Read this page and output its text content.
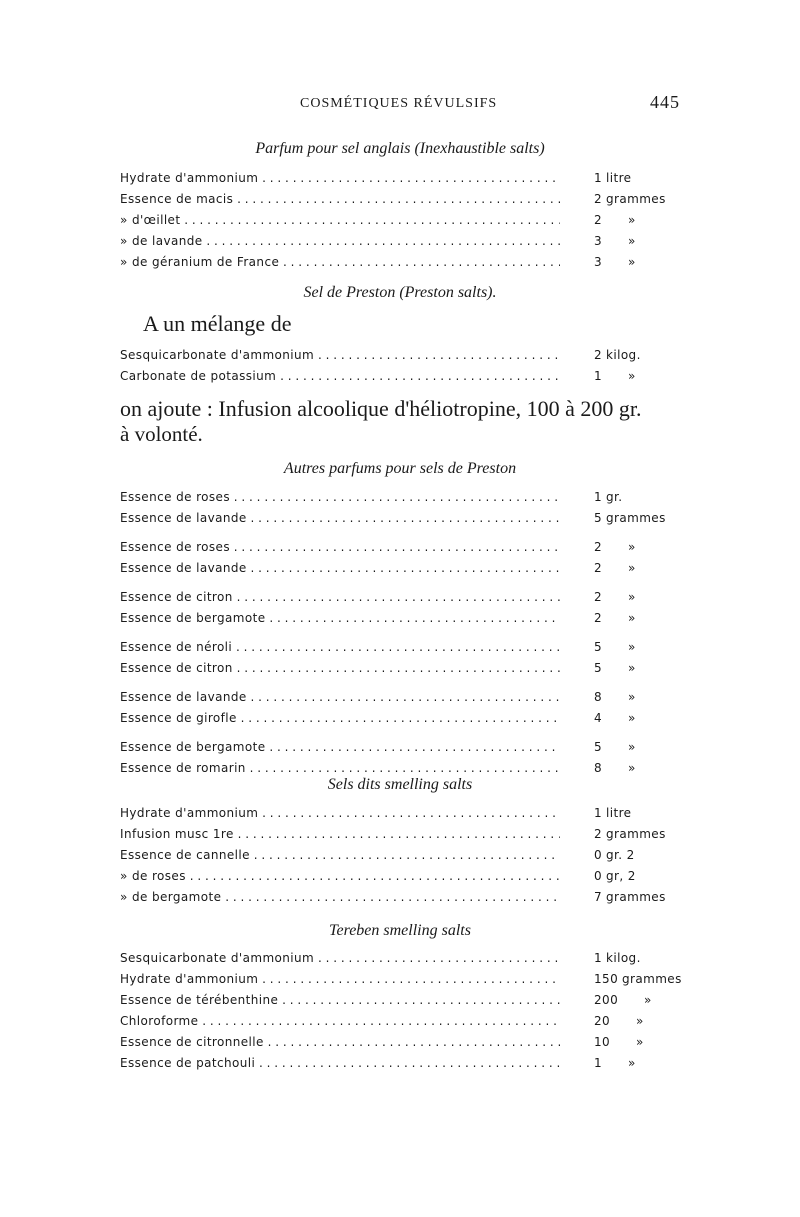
COSMÉTIQUES RÉVULSIFS	445
Parfum pour sel anglais (Inexhaustible salts)
Hydrate d'ammonium . . .	1 litre
Essence de macis . . .	2 grammes
» d'œillet . . .	2 »
» de lavande . . .	3 »
» de géranium de France . . .	3 »
Sel de Preston (Preston salts).
A un mélange de
Sesquicarbonate d'ammonium . . .	2 kilog.
Carbonate de potassium . . .	1 »
on ajoute : Infusion alcoolique d'héliotropine, 100 à 200 gr.
à volonté.
Autres parfums pour sels de Preston
Essence de roses . . .	1 gr.
Essence de lavande . . .	5 grammes
Essence de roses . . .	2 »
Essence de lavande . . .	2 »
Essence de citron . . .	2 »
Essence de bergamote . . .	2 »
Essence de néroli . . .	5 »
Essence de citron . . .	5 »
Essence de lavande . . .	8 »
Essence de girofle . . .	4 »
Essence de bergamote . . .	5 »
Essence de romarin . . .	8 »
Sels dits smelling salts
Hydrate d'ammonium . . .	1 litre
Infusion musc 1re . . .	2 grammes
Essence de cannelle . . .	0 gr. 2
» de roses . . .	0 gr, 2
» de bergamote . . .	7 grammes
Tereben smelling salts
Sesquicarbonate d'ammonium . . .	1 kilog.
Hydrate d'ammonium . . .	150 grammes
Essence de térébenthine . . .	200 »
Chloroforme . . .	20 »
Essence de citronnelle . . .	10 »
Essence de patchouli . . .	1 »
